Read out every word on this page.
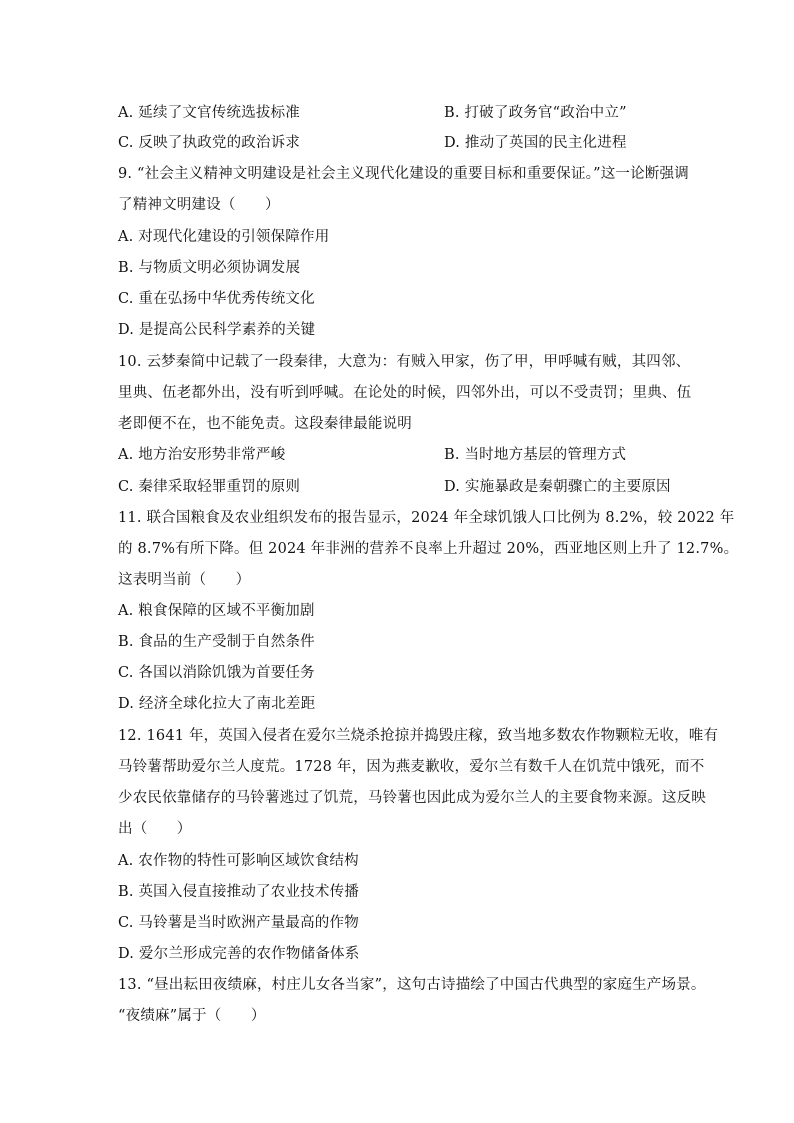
A. 延续了文官传统选拔标准	B. 打破了政务官“政治中立”
C. 反映了执政党的政治诉求	D. 推动了英国的民主化进程
9. “社会主义精神文明建设是社会主义现代化建设的重要目标和重要保证。”这一论断强调
了精神文明建设（　　）
A. 对现代化建设的引领保障作用
B. 与物质文明必须协调发展
C. 重在弘扬中华优秀传统文化
D. 是提高公民科学素养的关键
10. 云梦秦简中记载了一段秦律，大意为：有贼入甲家，伤了甲，甲呼喊有贼，其四邻、
里典、伍老都外出，没有听到呼喊。在论处的时候，四邻外出，可以不受责罚；里典、伍
老即便不在，也不能免责。这段秦律最能说明
A. 地方治安形势非常严峻	B. 当时地方基层的管理方式
C. 秦律采取轻罪重罚的原则	D. 实施暴政是秦朝骤亡的主要原因
11. 联合国粮食及农业组织发布的报告显示，2024 年全球饥饿人口比例为 8.2%，较 2022 年
的 8.7%有所下降。但 2024 年非洲的营养不良率上升超过 20%，西亚地区则上升了 12.7%。
这表明当前（　　）
A. 粮食保障的区域不平衡加剧
B. 食品的生产受制于自然条件
C. 各国以消除饥饿为首要任务
D. 经济全球化拉大了南北差距
12. 1641 年，英国入侵者在爱尔兰烧杀抢掠并捣毁庄稼，致当地多数农作物颗粒无收，唯有
马铃薯帮助爱尔兰人度荒。1728 年，因为燕麦歉收，爱尔兰有数千人在饥荒中饿死，而不
少农民依靠储存的马铃薯逃过了饥荒，马铃薯也因此成为爱尔兰人的主要食物来源。这反映
出（　　）
A. 农作物的特性可影响区域饮食结构
B. 英国入侵直接推动了农业技术传播
C. 马铃薯是当时欧洲产量最高的作物
D. 爱尔兰形成完善的农作物储备体系
13. “昼出耘田夜绩麻，村庄儿女各当家”，这句古诗描绘了中国古代典型的家庭生产场景。
“夜绩麻”属于（　　）
